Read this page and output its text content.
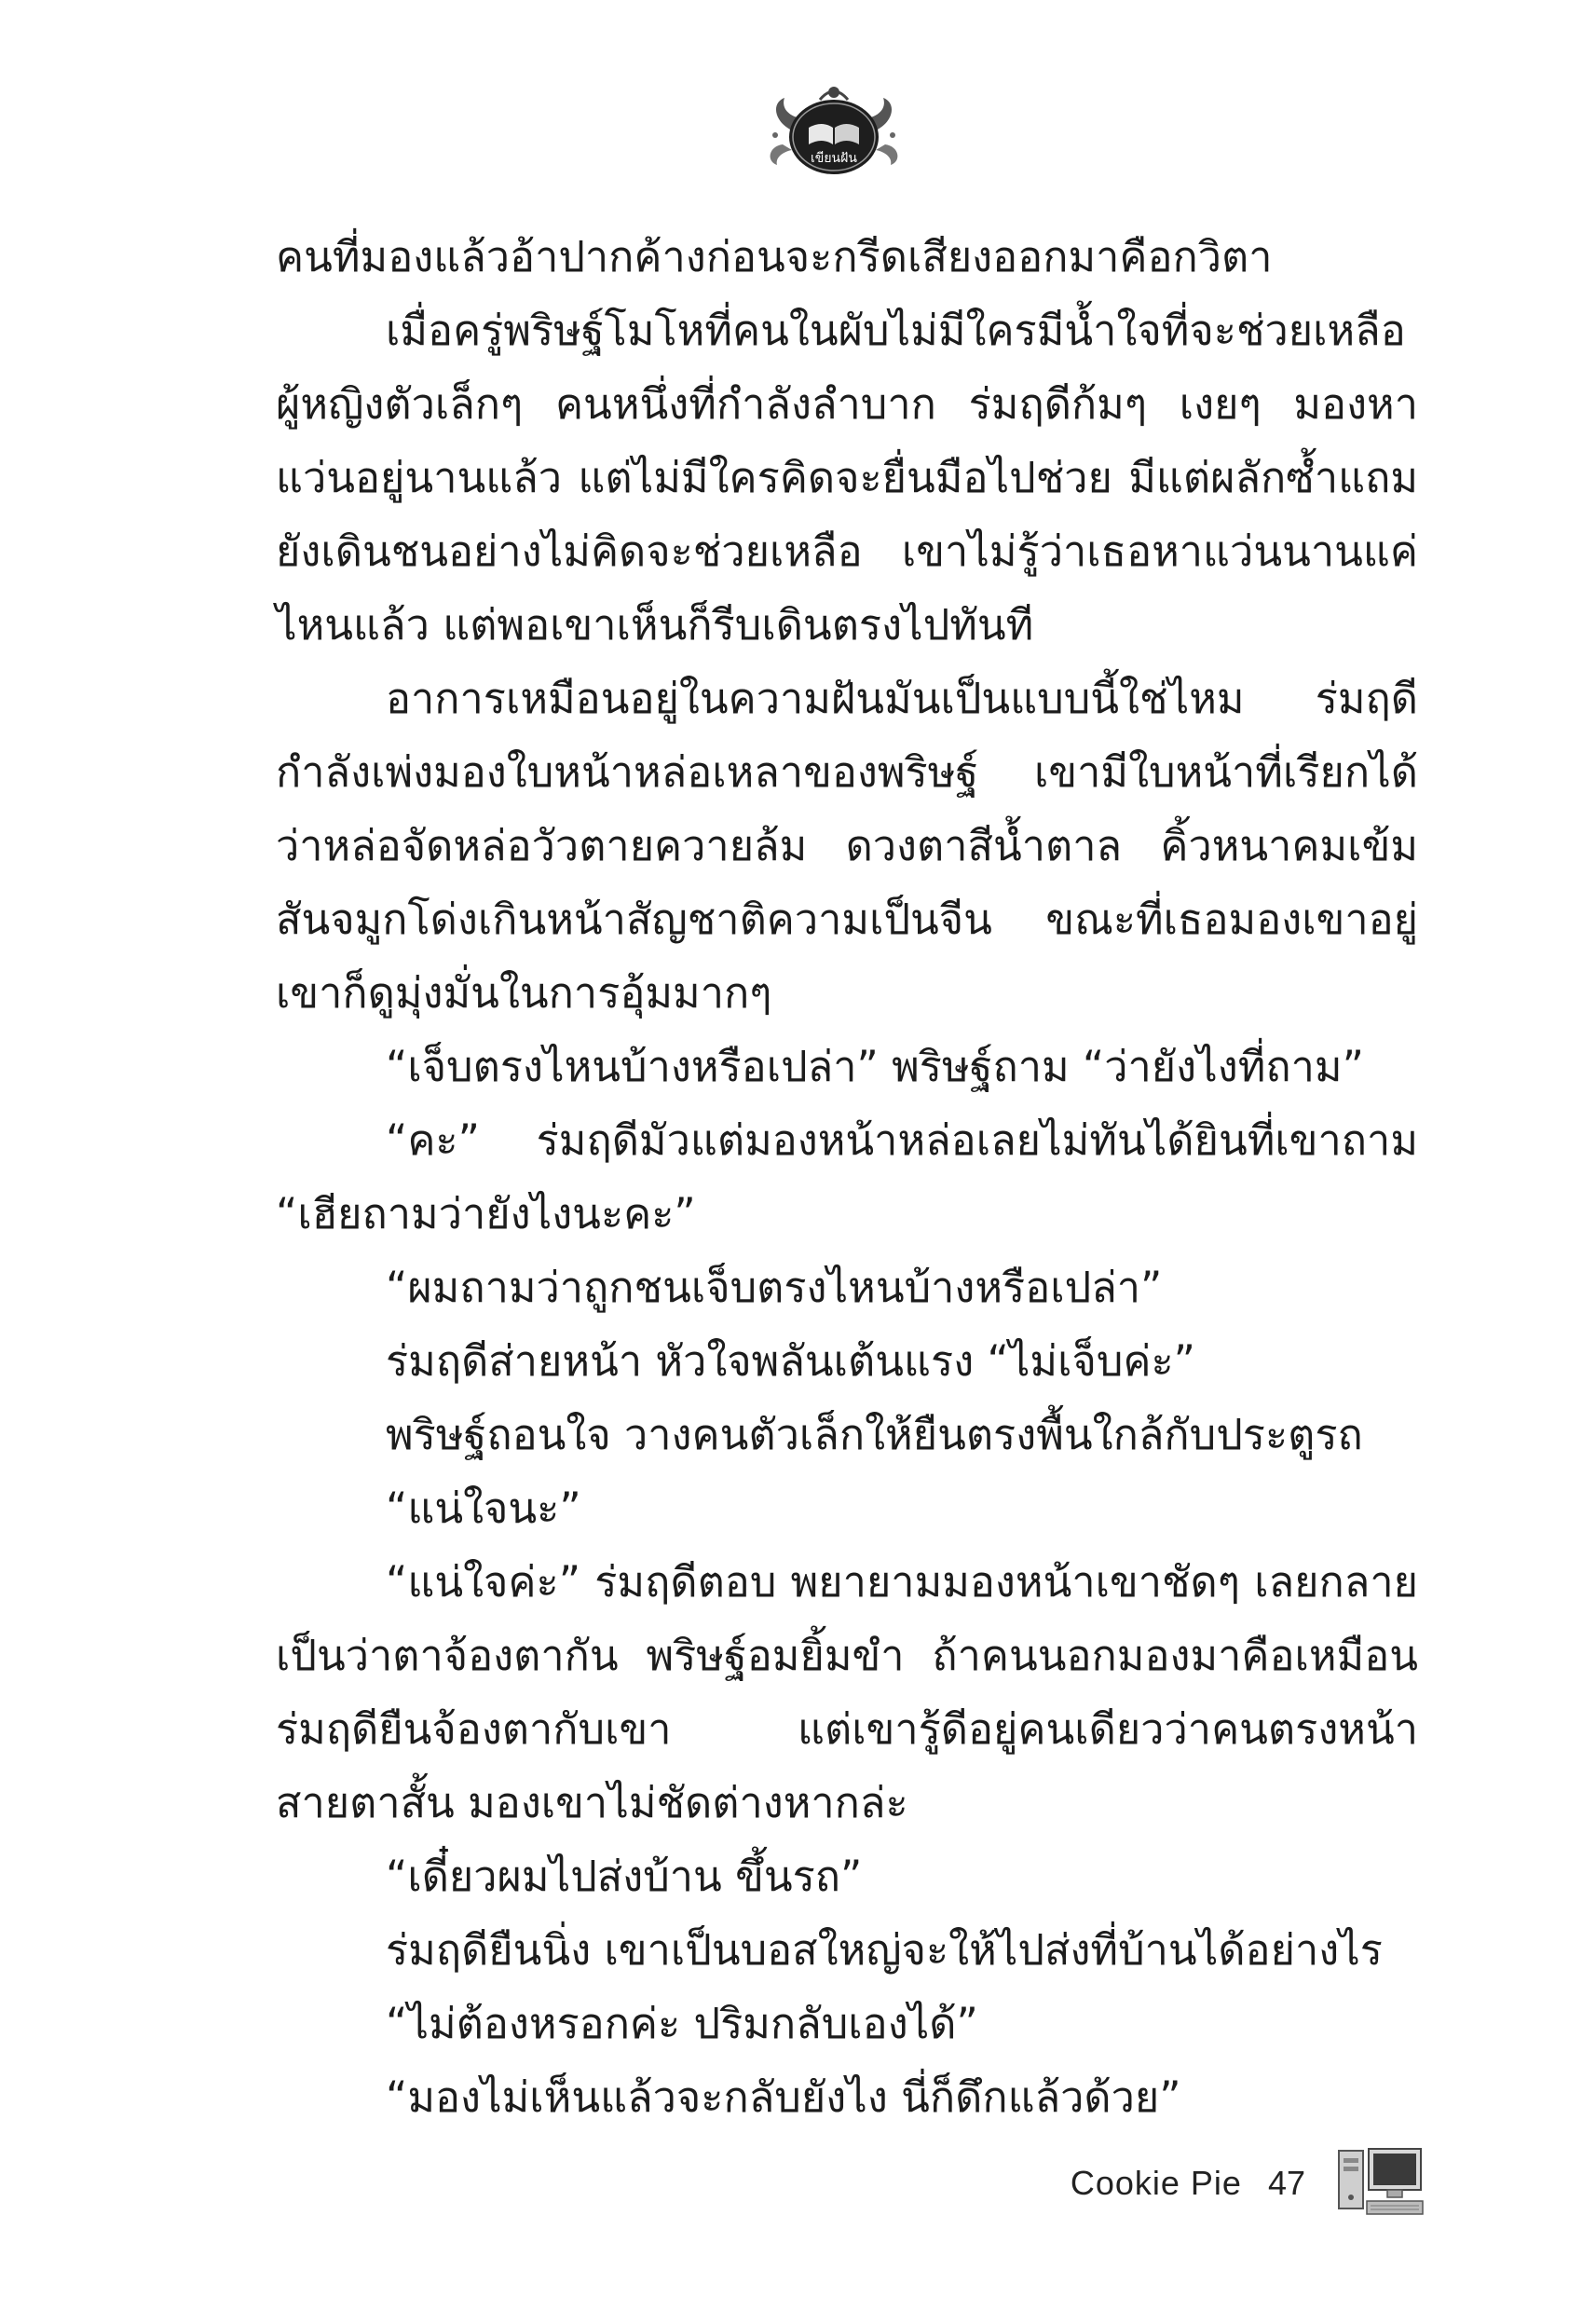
เขียนฝัน

คนที่มองแล้วอ้าปากค้างก่อนจะกรีดเสียงออกมาคือกวิตา

เมื่อครู่พริษฐ์โมโหที่คนในผับไม่มีใครมีน้ำใจที่จะช่วยเหลือผู้หญิงตัวเล็กๆ คนหนึ่งที่กำลังลำบาก ร่มฤดีก้มๆ เงยๆ มองหาแว่นอยู่นานแล้ว แต่ไม่มีใครคิดจะยื่นมือไปช่วย มีแต่ผลักซ้ำแถมยังเดินชนอย่างไม่คิดจะช่วยเหลือ เขาไม่รู้ว่าเธอหาแว่นนานแค่ไหนแล้ว แต่พอเขาเห็นก็รีบเดินตรงไปทันที

อาการเหมือนอยู่ในความฝันมันเป็นแบบนี้ใช่ไหม ร่มฤดีกำลังเพ่งมองใบหน้าหล่อเหลาของพริษฐ์ เขามีใบหน้าที่เรียกได้ว่าหล่อจัดหล่อวัวตายควายล้ม ดวงตาสีน้ำตาล คิ้วหนาคมเข้ม สันจมูกโด่งเกินหน้าสัญชาติความเป็นจีน ขณะที่เธอมองเขาอยู่เขาก็ดูมุ่งมั่นในการอุ้มมากๆ

“เจ็บตรงไหนบ้างหรือเปล่า” พริษฐ์ถาม “ว่ายังไงที่ถาม”

“คะ” ร่มฤดีมัวแต่มองหน้าหล่อเลยไม่ทันได้ยินที่เขาถาม “เฮียถามว่ายังไงนะคะ”

“ผมถามว่าถูกชนเจ็บตรงไหนบ้างหรือเปล่า”

ร่มฤดีส่ายหน้า หัวใจพลันเต้นแรง “ไม่เจ็บค่ะ”

พริษฐ์ถอนใจ วางคนตัวเล็กให้ยืนตรงพื้นใกล้กับประตูรถ

“แน่ใจนะ”

“แน่ใจค่ะ” ร่มฤดีตอบ พยายามมองหน้าเขาชัดๆ เลยกลายเป็นว่าตาจ้องตากัน พริษฐ์อมยิ้มขำ ถ้าคนนอกมองมาคือเหมือนร่มฤดียืนจ้องตากับเขา แต่เขารู้ดีอยู่คนเดียวว่าคนตรงหน้าสายตาสั้น มองเขาไม่ชัดต่างหากล่ะ

“เดี๋ยวผมไปส่งบ้าน ขึ้นรถ”

ร่มฤดียืนนิ่ง เขาเป็นบอสใหญ่จะให้ไปส่งที่บ้านได้อย่างไร

“ไม่ต้องหรอกค่ะ ปริมกลับเองได้”

“มองไม่เห็นแล้วจะกลับยังไง นี่ก็ดึกแล้วด้วย”

Cookie Pie 47
